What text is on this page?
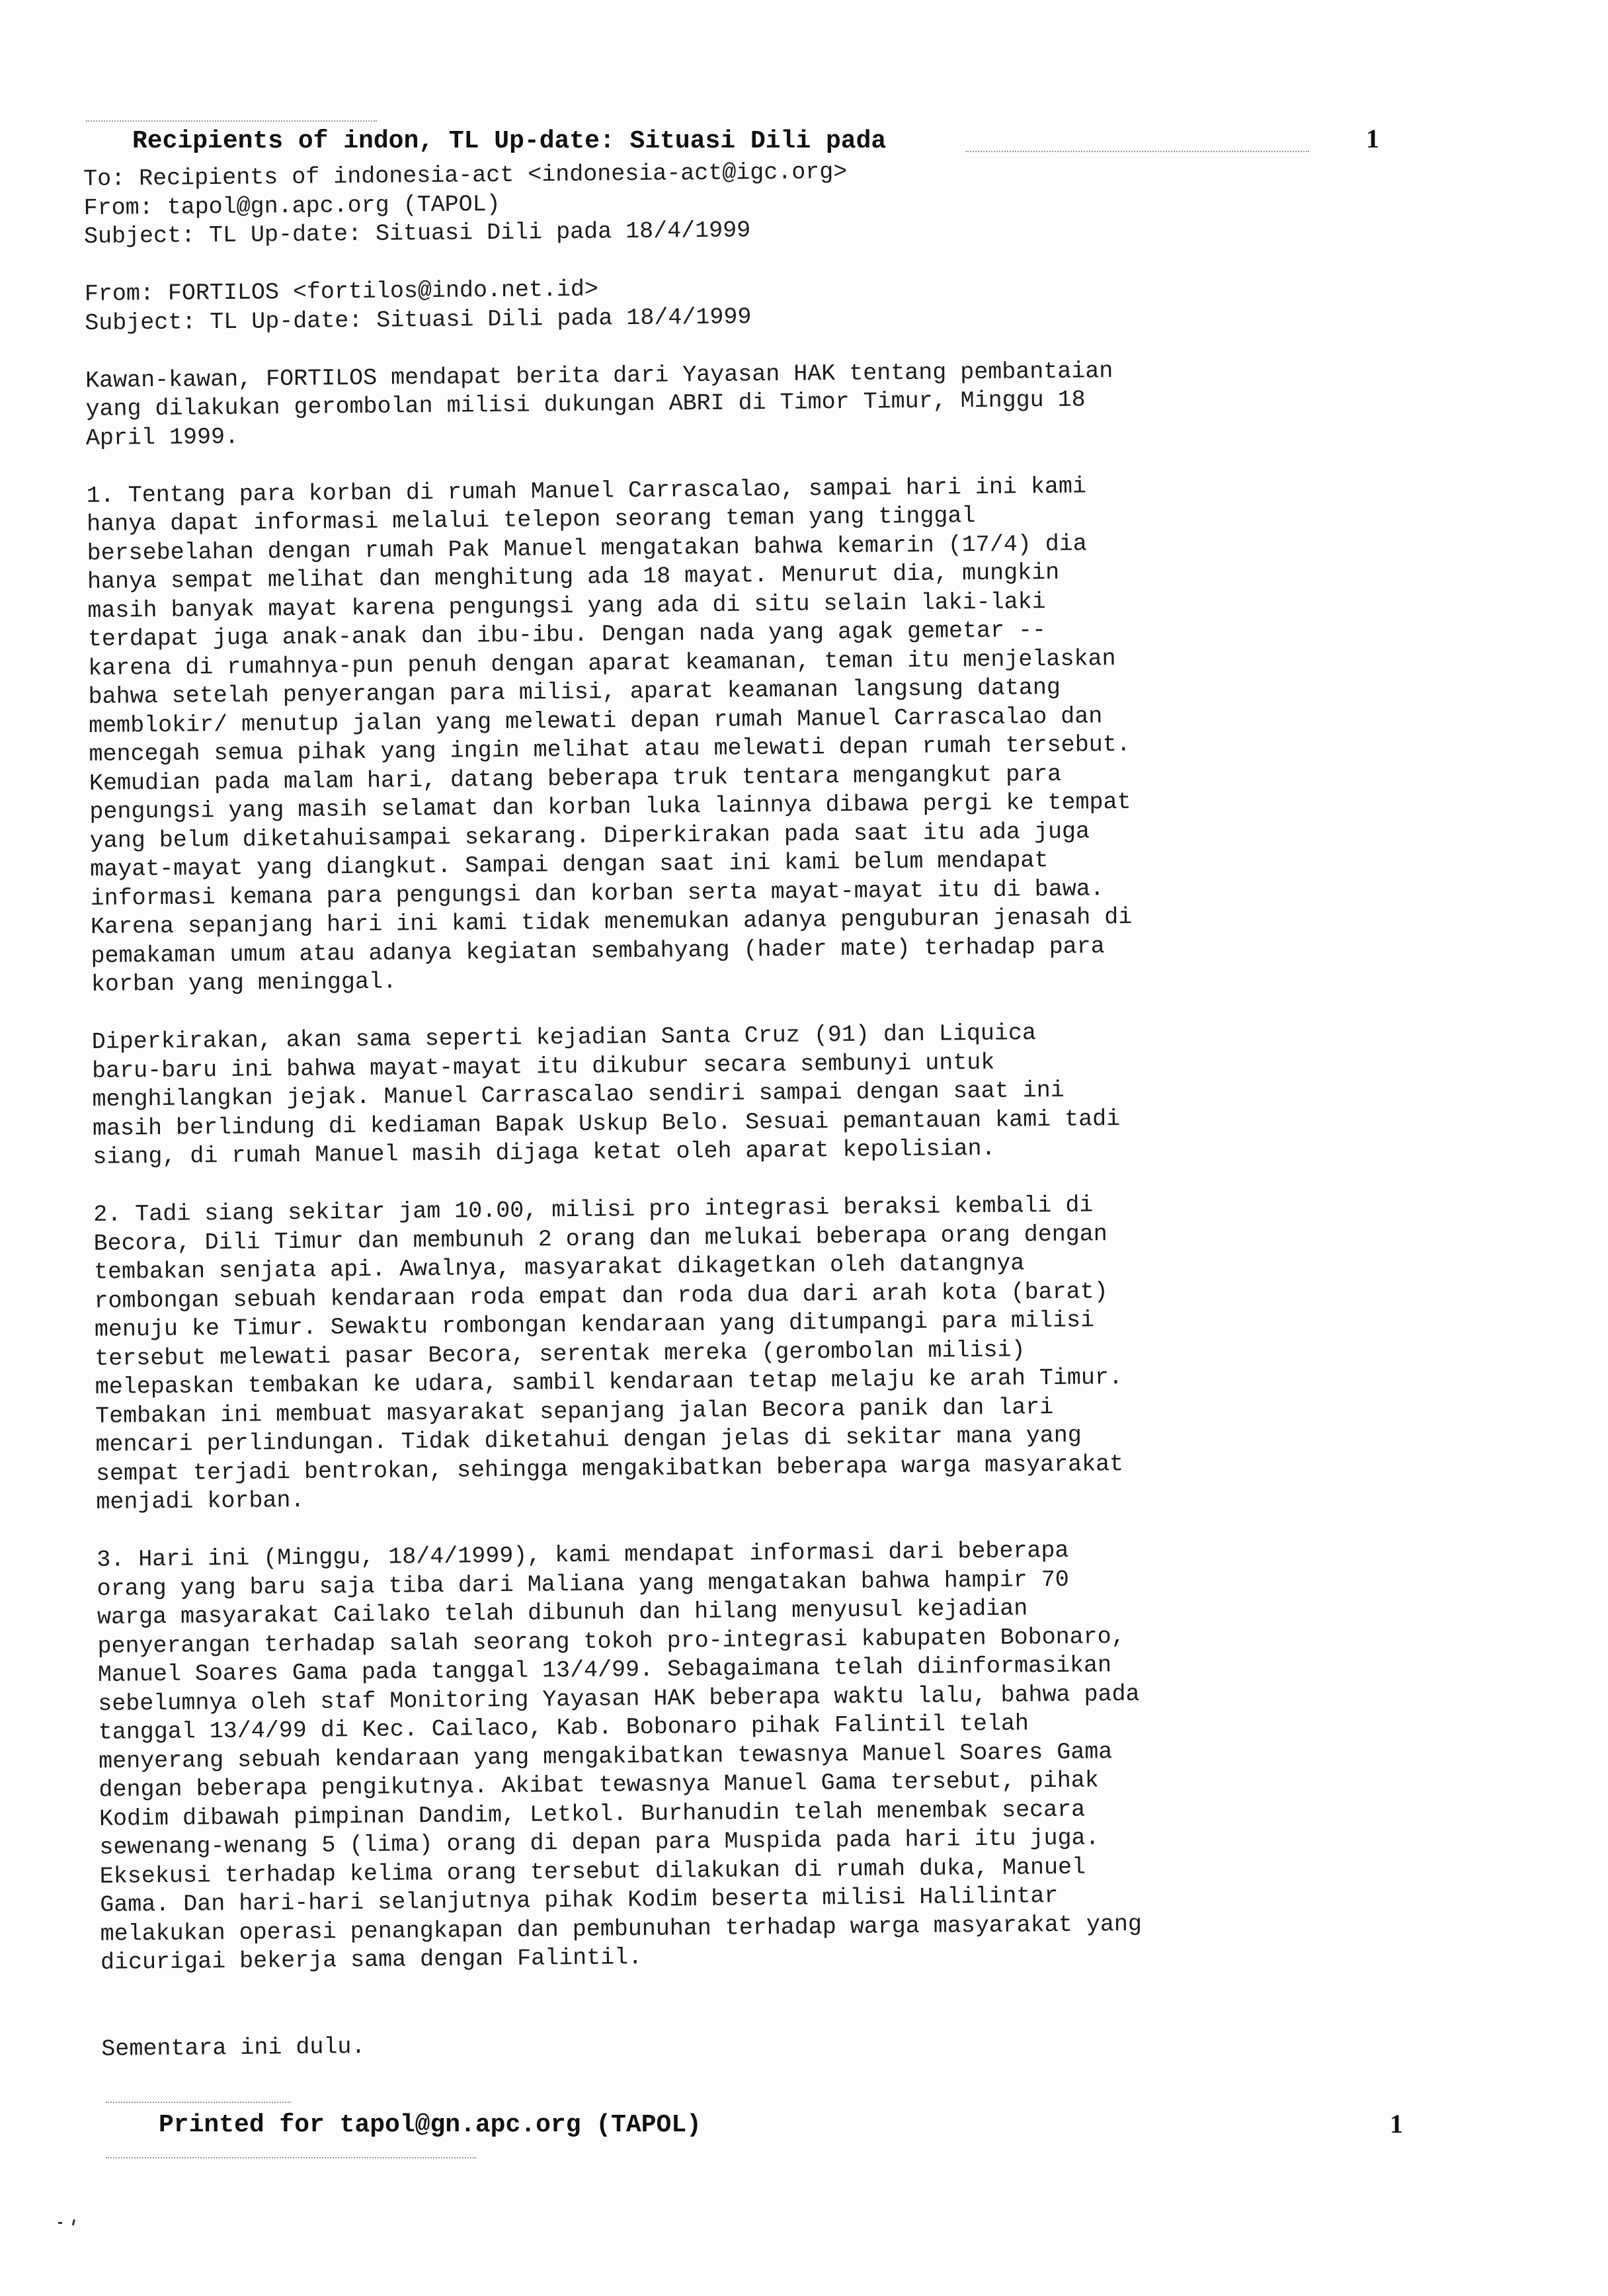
Recipients of indon, TL Up-date: Situasi Dili pada	1

To: Recipients of indonesia-act <indonesia-act@igc.org>

From: tapol@gn.apc.org (TAPOL)

Subject: TL Up-date: Situasi Dili pada 18/4/1999

From: FORTILOS <fortilos@indo.net.id>

Subject: TL Up-date: Situasi Dili pada 18/4/1999

Kawan-kawan, FORTILOS mendapat berita dari Yayasan HAK tentang pembantaian

yang dilakukan gerombolan milisi dukungan ABRI di Timor Timur, Minggu 18

April 1999.

1. Tentang para korban di rumah Manuel Carrascalao, sampai hari ini kami

hanya dapat informasi melalui telepon seorang teman yang tinggal

bersebelahan dengan rumah Pak Manuel mengatakan bahwa kemarin (17/4) dia

hanya sempat melihat dan menghitung ada 18 mayat. Menurut dia, mungkin

masih banyak mayat karena pengungsi yang ada di situ selain laki-laki

terdapat juga anak-anak dan ibu-ibu. Dengan nada yang agak gemetar --

karena di rumahnya-pun penuh dengan aparat keamanan, teman itu menjelaskan

bahwa setelah penyerangan para milisi, aparat keamanan langsung datang

memblokir/ menutup jalan yang melewati depan rumah Manuel Carrascalao dan

mencegah semua pihak yang ingin melihat atau melewati depan rumah tersebut.

Kemudian pada malam hari, datang beberapa truk tentara mengangkut para

pengungsi yang masih selamat dan korban luka lainnya dibawa pergi ke tempat

yang belum diketahuisampai sekarang. Diperkirakan pada saat itu ada juga

mayat-mayat yang diangkut. Sampai dengan saat ini kami belum mendapat

informasi kemana para pengungsi dan korban serta mayat-mayat itu di bawa.

Karena sepanjang hari ini kami tidak menemukan adanya penguburan jenasah di

pemakaman umum atau adanya kegiatan sembahyang (hader mate) terhadap para

korban yang meninggal.

Diperkirakan, akan sama seperti kejadian Santa Cruz (91) dan Liquica

baru-baru ini bahwa mayat-mayat itu dikubur secara sembunyi untuk

menghilangkan jejak. Manuel Carrascalao sendiri sampai dengan saat ini

masih berlindung di kediaman Bapak Uskup Belo. Sesuai pemantauan kami tadi

siang, di rumah Manuel masih dijaga ketat oleh aparat kepolisian.

2. Tadi siang sekitar jam 10.00, milisi pro integrasi beraksi kembali di

Becora, Dili Timur dan membunuh 2 orang dan melukai beberapa orang dengan

tembakan senjata api. Awalnya, masyarakat dikagetkan oleh datangnya

rombongan sebuah kendaraan roda empat dan roda dua dari arah kota (barat)

menuju ke Timur. Sewaktu rombongan kendaraan yang ditumpangi para milisi

tersebut melewati pasar Becora, serentak mereka (gerombolan milisi)

melepaskan tembakan ke udara, sambil kendaraan tetap melaju ke arah Timur.

Tembakan ini membuat masyarakat sepanjang jalan Becora panik dan lari

mencari perlindungan. Tidak diketahui dengan jelas di sekitar mana yang

sempat terjadi bentrokan, sehingga mengakibatkan beberapa warga masyarakat

menjadi korban.

3. Hari ini (Minggu, 18/4/1999), kami mendapat informasi dari beberapa

orang yang baru saja tiba dari Maliana yang mengatakan bahwa hampir 70

warga masyarakat Cailako telah dibunuh dan hilang menyusul kejadian

penyerangan terhadap salah seorang tokoh pro-integrasi kabupaten Bobonaro,

Manuel Soares Gama pada tanggal 13/4/99. Sebagaimana telah diinformasikan

sebelumnya oleh staf Monitoring Yayasan HAK beberapa waktu lalu, bahwa pada

tanggal 13/4/99 di Kec. Cailaco, Kab. Bobonaro pihak Falintil telah

menyerang sebuah kendaraan yang mengakibatkan tewasnya Manuel Soares Gama

dengan beberapa pengikutnya. Akibat tewasnya Manuel Gama tersebut, pihak

Kodim dibawah pimpinan Dandim, Letkol. Burhanudin telah menembak secara

sewenang-wenang 5 (lima) orang di depan para Muspida pada hari itu juga.

Eksekusi terhadap kelima orang tersebut dilakukan di rumah duka, Manuel

Gama. Dan hari-hari selanjutnya pihak Kodim beserta milisi Halilintar

melakukan operasi penangkapan dan pembunuhan terhadap warga masyarakat yang

dicurigai bekerja sama dengan Falintil.

Sementara ini dulu.

Printed for tapol@gn.apc.org (TAPOL)	1
